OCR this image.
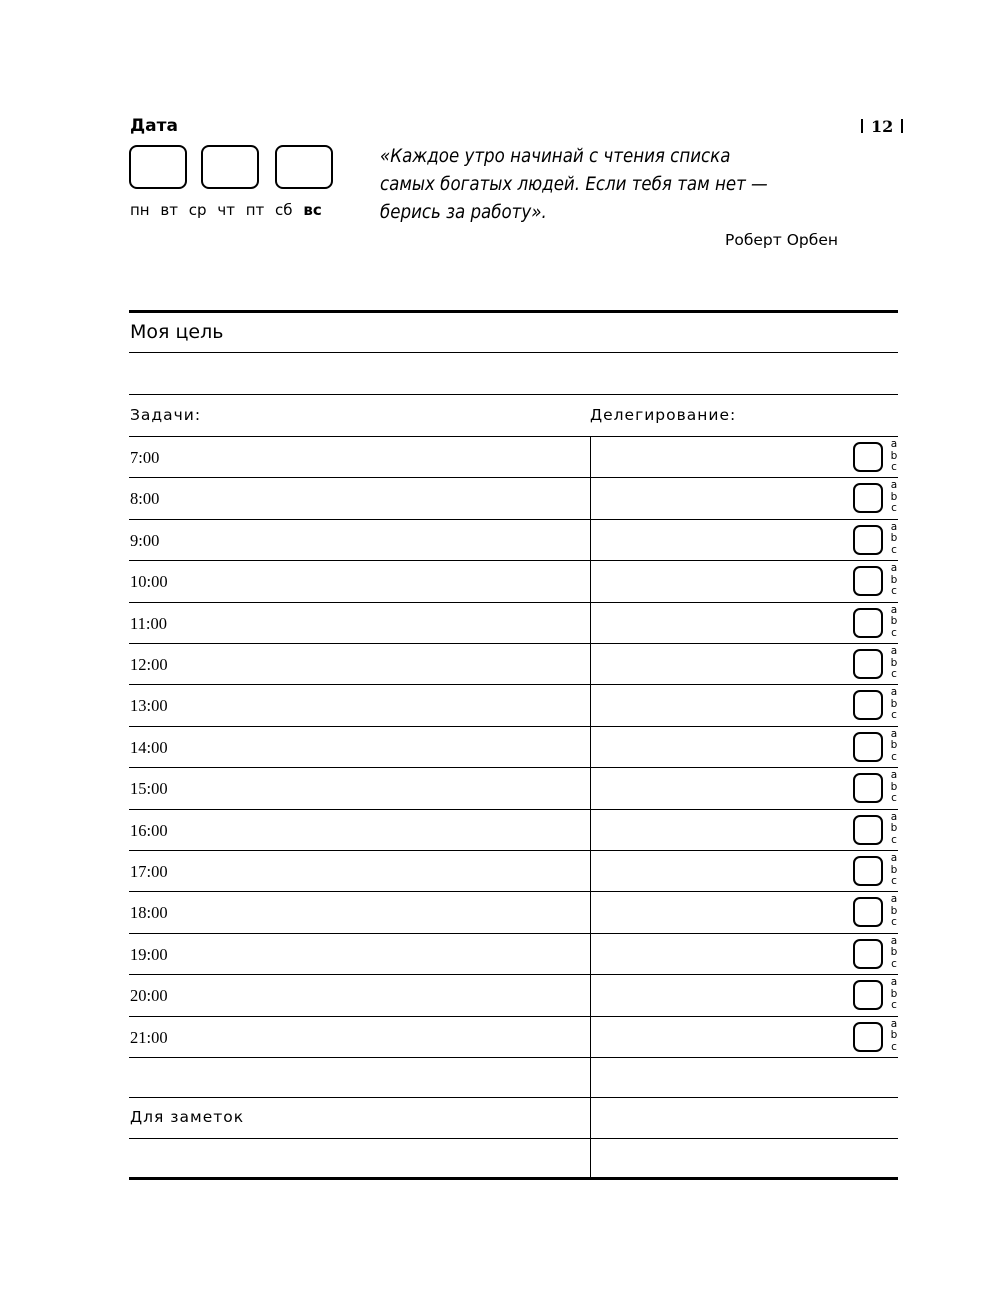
Дата
пн вт ср чт пт сб вс
12
«Каждое утро начинай с чтения списка
самых богатых людей. Если тебя там нет —
берись за работу».
Роберт Орбен
Моя цель
Задачи:	Делегирование:
7:00
a
b
c
8:00
a
b
c
9:00
a
b
c
10:00
a
b
c
11:00
a
b
c
12:00
a
b
c
13:00
a
b
c
14:00
a
b
c
15:00
a
b
c
16:00
a
b
c
17:00
a
b
c
18:00
a
b
c
19:00
a
b
c
20:00
a
b
c
21:00
a
b
c
Для заметок
